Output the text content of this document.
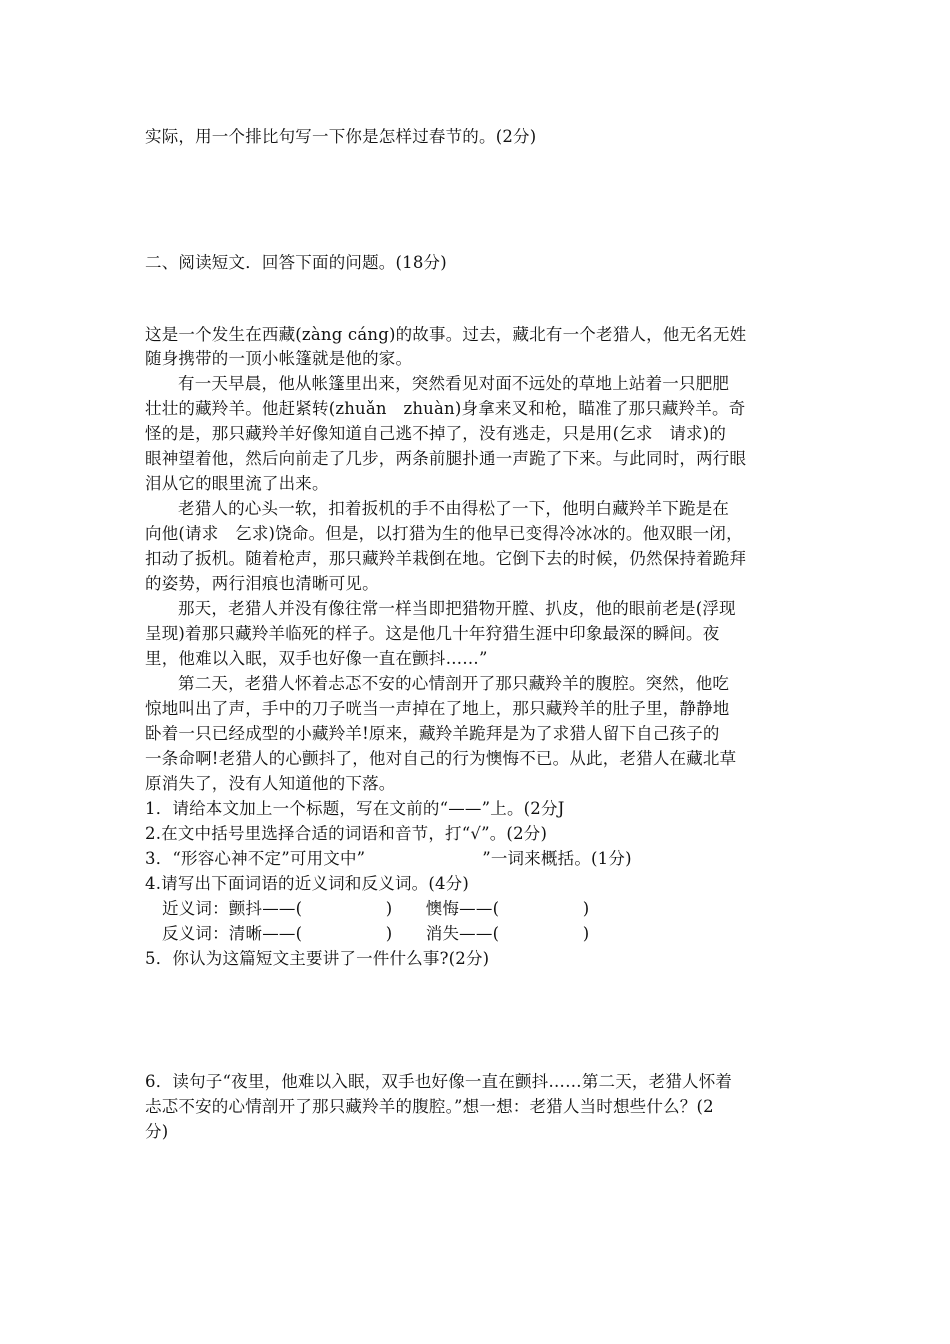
实际，用一个排比句写一下你是怎样过春节的。(2分)
二、阅读短文．回答下面的问题。(18分)
这是一个发生在西藏(zàng cáng)的故事。过去，藏北有一个老猎人，他无名无姓
随身携带的一顶小帐篷就是他的家。
有一天早晨，他从帐篷里出来，突然看见对面不远处的草地上站着一只肥肥
壮壮的藏羚羊。他赶紧转(zhuǎn　zhuàn)身拿来叉和枪，瞄准了那只藏羚羊。奇
怪的是，那只藏羚羊好像知道自己逃不掉了，没有逃走，只是用(乞求　请求)的
眼神望着他，然后向前走了几步，两条前腿扑通一声跪了下来。与此同时，两行眼
泪从它的眼里流了出来。
老猎人的心头一软，扣着扳机的手不由得松了一下，他明白藏羚羊下跪是在
向他(请求　乞求)饶命。但是，以打猎为生的他早已变得冷冰冰的。他双眼一闭，
扣动了扳机。随着枪声，那只藏羚羊栽倒在地。它倒下去的时候，仍然保持着跪拜
的姿势，两行泪痕也清晰可见。
那天，老猎人并没有像往常一样当即把猎物开膛、扒皮，他的眼前老是(浮现
呈现)着那只藏羚羊临死的样子。这是他几十年狩猎生涯中印象最深的瞬间。夜
里，他难以入眠，双手也好像一直在颤抖……”
第二天，老猎人怀着忐忑不安的心情剖开了那只藏羚羊的腹腔。突然，他吃
惊地叫出了声，手中的刀子咣当一声掉在了地上，那只藏羚羊的肚子里，静静地
卧着一只已经成型的小藏羚羊!原来，藏羚羊跪拜是为了求猎人留下自己孩子的
一条命啊!老猎人的心颤抖了，他对自己的行为懊悔不已。从此，老猎人在藏北草
原消失了，没有人知道他的下落。
1．请给本文加上一个标题，写在文前的“——”上。(2分J
2.在文中括号里选择合适的词语和音节，打“√”。(2分)
3．“形容心神不定”可用文中”　　　　　　　”一词来概括。(1分)
4.请写出下面词语的近义词和反义词。(4分)
近义词：颤抖——(　　　　　)　　懊悔——(　　　　　)
反义词：清晰——(　　　　　)　　消失——(　　　　　)
5．你认为这篇短文主要讲了一件什么事?(2分)
6．读句子“夜里，他难以入眠，双手也好像一直在颤抖……第二天，老猎人怀着
忐忑不安的心情剖开了那只藏羚羊的腹腔。”想一想：老猎人当时想些什么？(2
分)
